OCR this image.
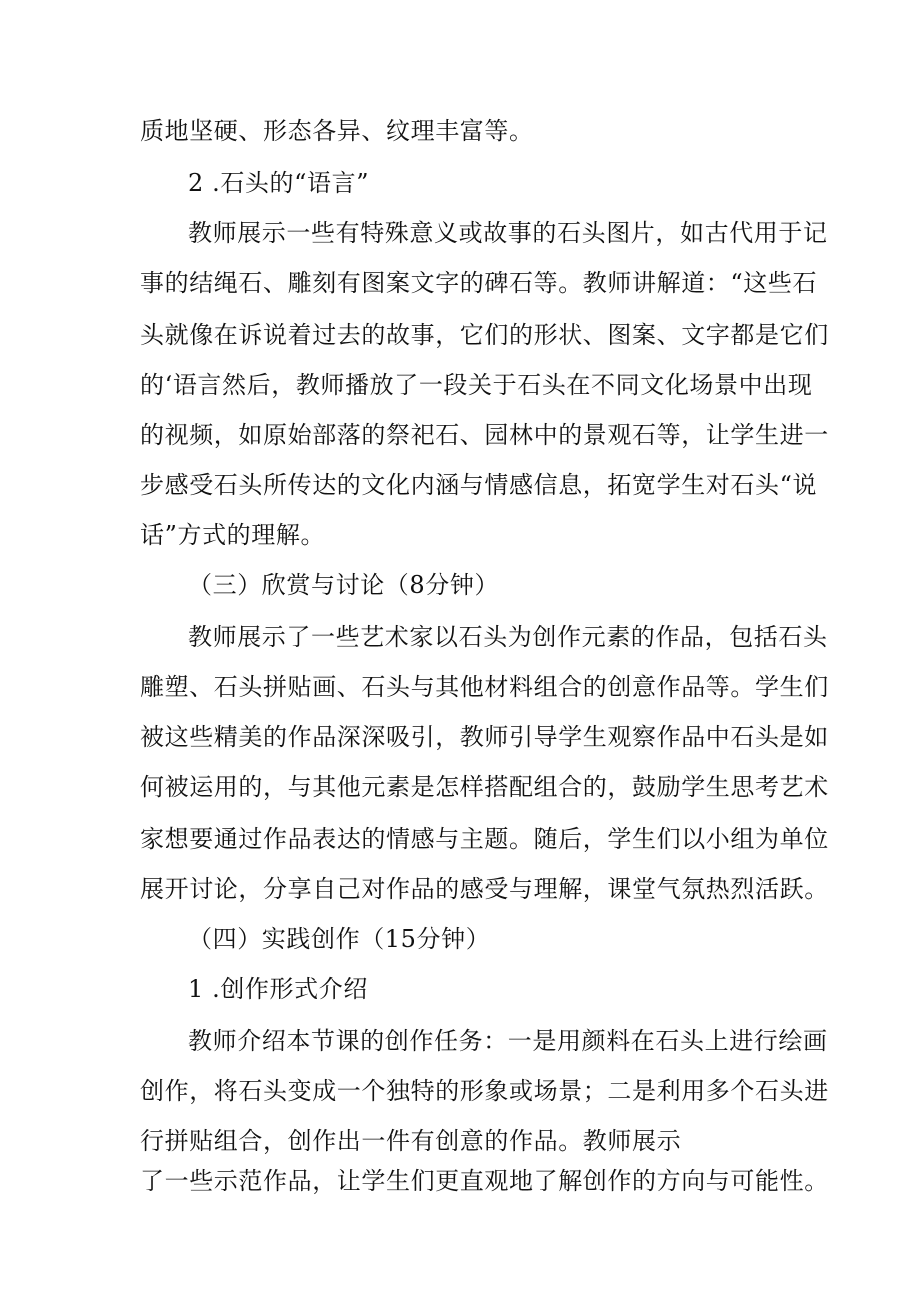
质地坚硬、形态各异、纹理丰富等。
2 .石头的“语言”
教师展示一些有特殊意义或故事的石头图片，如古代用于记
事的结绳石、雕刻有图案文字的碑石等。教师讲解道：“这些石
头就像在诉说着过去的故事，它们的形状、图案、文字都是它们
的‘语言然后，教师播放了一段关于石头在不同文化场景中出现
的视频，如原始部落的祭祀石、园林中的景观石等，让学生进一
步感受石头所传达的文化内涵与情感信息，拓宽学生对石头“说
话”方式的理解。
（三）欣赏与讨论（8分钟）
教师展示了一些艺术家以石头为创作元素的作品，包括石头
雕塑、石头拼贴画、石头与其他材料组合的创意作品等。学生们
被这些精美的作品深深吸引，教师引导学生观察作品中石头是如
何被运用的，与其他元素是怎样搭配组合的，鼓励学生思考艺术
家想要通过作品表达的情感与主题。随后，学生们以小组为单位
展开讨论，分享自己对作品的感受与理解，课堂气氛热烈活跃。
（四）实践创作（15分钟）
1 .创作形式介绍
教师介绍本节课的创作任务：一是用颜料在石头上进行绘画
创作，将石头变成一个独特的形象或场景；二是利用多个石头进
行拼贴组合，创作出一件有创意的作品。教师展示
了一些示范作品，让学生们更直观地了解创作的方向与可能性。
